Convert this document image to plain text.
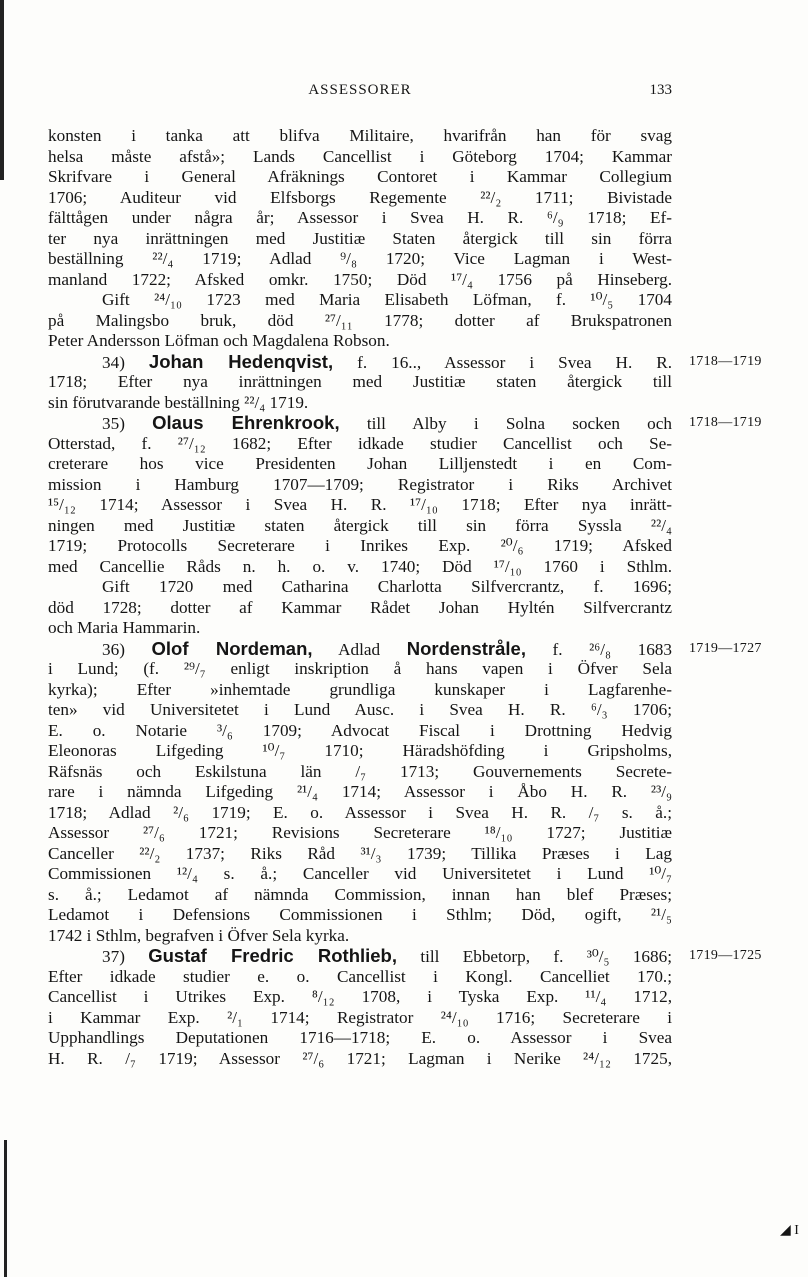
ASSESSORER	133
konsten i tanka att blifva Militaire, hvarifrån han för svag
helsa måste afstå»; Lands Cancellist i Göteborg 1704; Kammar
Skrifvare i General Afräknings Contoret i Kammar Collegium
1706; Auditeur vid Elfsborgs Regemente ²²/₂ 1711; Bivistade
fälttågen under några år; Assessor i Svea H. R. ⁶/₉ 1718; Ef-
ter nya inrättningen med Justitiæ Staten återgick till sin förra
beställning ²²/₄ 1719; Adlad ⁹/₈ 1720; Vice Lagman i West-
manland 1722; Afsked omkr. 1750; Död ¹⁷/₄ 1756 på Hinseberg.
Gift ²⁴/₁₀ 1723 med Maria Elisabeth Löfman, f. ¹⁰/₅ 1704
på Malingsbo bruk, död ²⁷/₁₁ 1778; dotter af Brukspatronen
Peter Andersson Löfman och Magdalena Robson.
34) Johan Hedenqvist, f. 16.., Assessor i Svea H. R. 1718—1719
1718; Efter nya inrättningen med Justitiæ staten återgick till
sin förutvarande beställning ²²/₄ 1719.
35) Olaus Ehrenkrook, till Alby i Solna socken och 1718—1719
Otterstad, f. ²⁷/₁₂ 1682; Efter idkade studier Cancellist och Se-
creterare hos vice Presidenten Johan Lilljenstedt i en Com-
mission i Hamburg 1707—1709; Registrator i Riks Archivet
¹⁵/₁₂ 1714; Assessor i Svea H. R. ¹⁷/₁₀ 1718; Efter nya inrätt-
ningen med Justitiæ staten återgick till sin förra Syssla ²²/₄
1719; Protocolls Secreterare i Inrikes Exp. ²⁰/₆ 1719; Afsked
med Cancellie Råds n. h. o. v. 1740; Död ¹⁷/₁₀ 1760 i Sthlm.
Gift 1720 med Catharina Charlotta Silfvercrantz, f. 1696;
död 1728; dotter af Kammar Rådet Johan Hyltén Silfvercrantz
och Maria Hammarin.
36) Olof Nordeman, Adlad Nordenstråle, f. ²⁶/₈ 1683 1719—1727
i Lund; (f. ²⁹/₇ enligt inskription å hans vapen i Öfver Sela
kyrka); Efter »inhemtade grundliga kunskaper i Lagfarenhe-
ten» vid Universitetet i Lund Ausc. i Svea H. R. ⁶/₃ 1706;
E. o. Notarie ³/₆ 1709; Advocat Fiscal i Drottning Hedvig
Eleonoras Lifgeding ¹⁰/₇ 1710; Häradshöfding i Gripsholms,
Räfsnäs och Eskilstuna län /₇ 1713; Gouvernements Secrete-
rare i nämnda Lifgeding ²¹/₄ 1714; Assessor i Åbo H. R. ²³/₉
1718; Adlad ²/₆ 1719; E. o. Assessor i Svea H. R. /₇ s. å.;
Assessor ²⁷/₆ 1721; Revisions Secreterare ¹⁸/₁₀ 1727; Justitiæ
Canceller ²²/₂ 1737; Riks Råd ³¹/₃ 1739; Tillika Præses i Lag
Commissionen ¹²/₄ s. å.; Canceller vid Universitetet i Lund ¹⁰/₇
s. å.; Ledamot af nämnda Commission, innan han blef Præses;
Ledamot i Defensions Commissionen i Sthlm; Död, ogift, ²¹/₅
1742 i Sthlm, begrafven i Öfver Sela kyrka.
37) Gustaf Fredric Rothlieb, till Ebbetorp, f. ³⁰/₅ 1686; 1719—1725
Efter idkade studier e. o. Cancellist i Kongl. Cancelliet 170.;
Cancellist i Utrikes Exp. ⁸/₁₂ 1708, i Tyska Exp. ¹¹/₄ 1712,
i Kammar Exp. ²/₁ 1714; Registrator ²⁴/₁₀ 1716; Secreterare i
Upphandlings Deputationen 1716—1718; E. o. Assessor i Svea
H. R. /₇ 1719; Assessor ²⁷/₆ 1721; Lagman i Nerike ²⁴/₁₂ 1725,
◢ I
